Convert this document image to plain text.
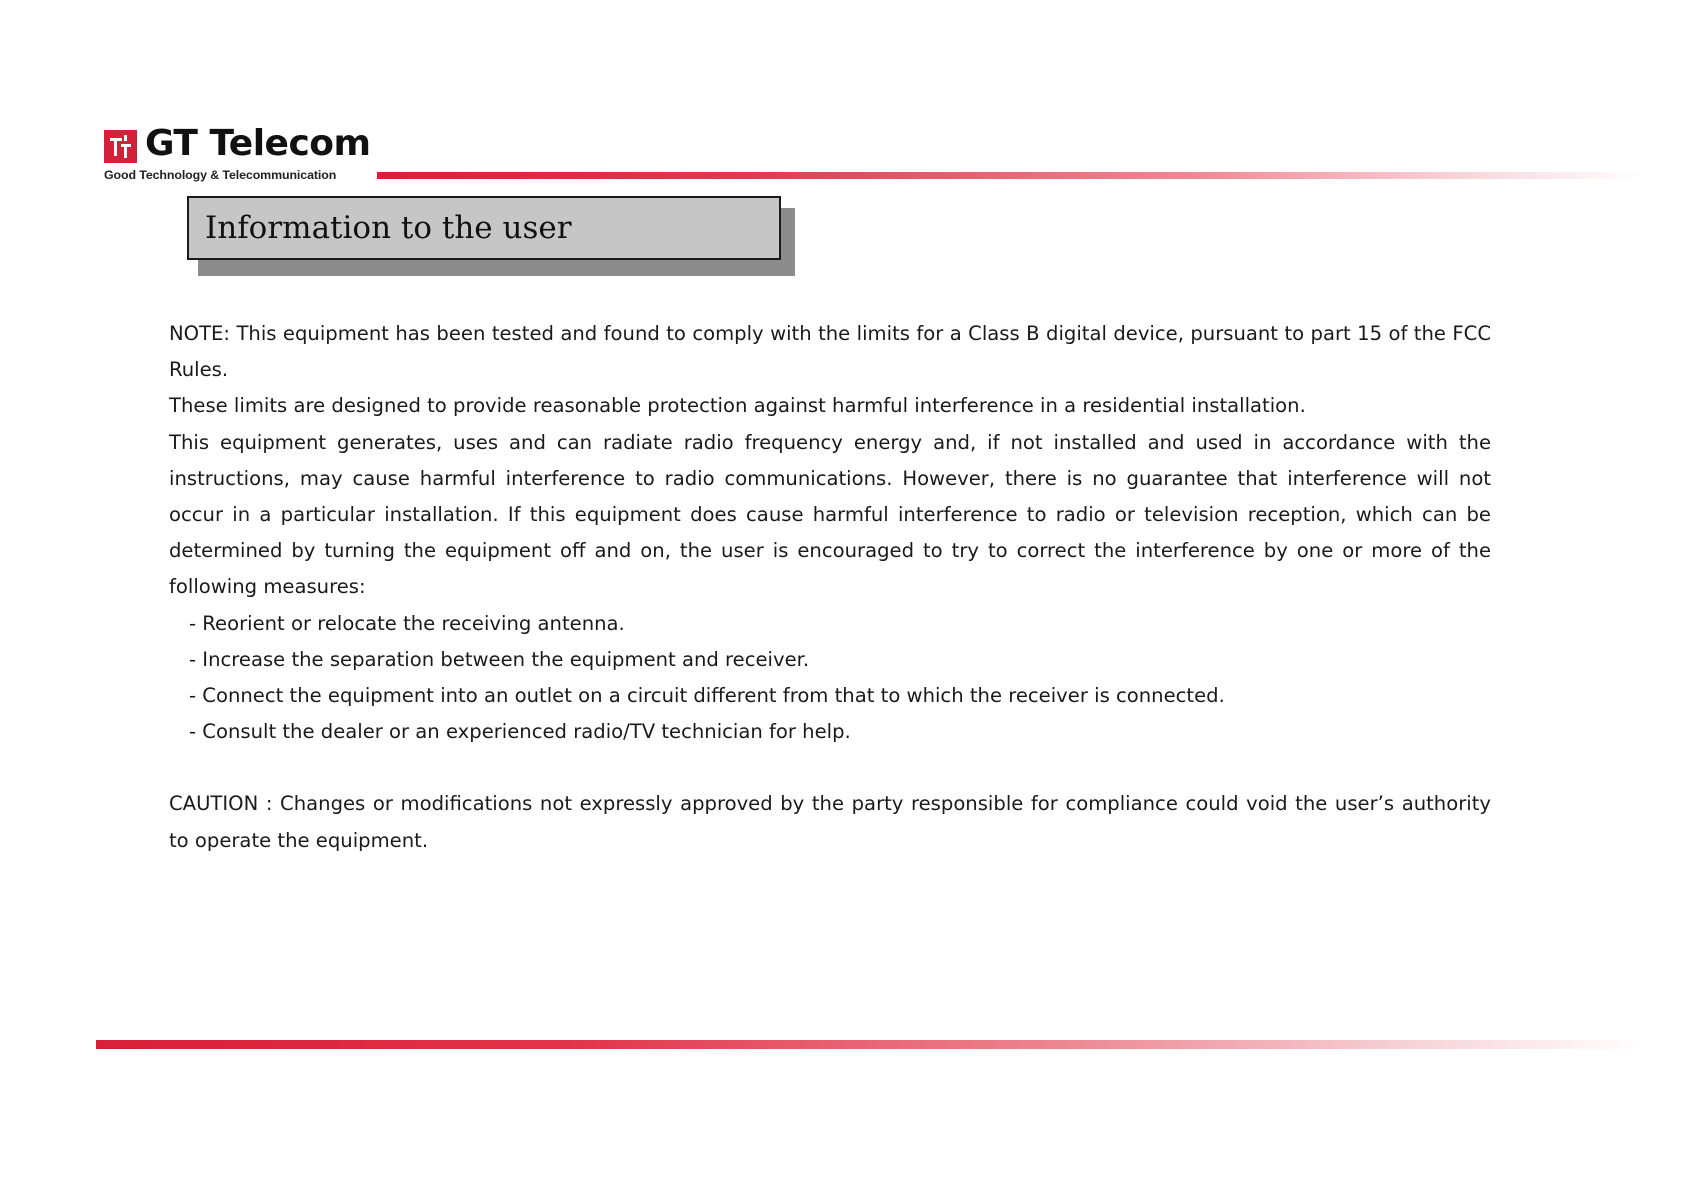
GT Telecom
Good Technology & Telecommunication
Information to the user

NOTE: This equipment has been tested and found to comply with the limits for a Class B digital device, pursuant to part 15 of the FCC Rules.

These limits are designed to provide reasonable protection against harmful interference in a residential installation.

This equipment generates, uses and can radiate radio frequency energy and, if not installed and used in accordance with the instructions, may cause harmful interference to radio communications. However, there is no guarantee that interference will not occur in a particular installation. If this equipment does cause harmful interference to radio or television reception, which can be determined by turning the equipment off and on, the user is encouraged to try to correct the interference by one or more of the following measures:

- Reorient or relocate the receiving antenna.
- Increase the separation between the equipment and receiver.
- Connect the equipment into an outlet on a circuit different from that to which the receiver is connected.
- Consult the dealer or an experienced radio/TV technician for help.

CAUTION : Changes or modifications not expressly approved by the party responsible for compliance could void the user’s authority to operate the equipment.
